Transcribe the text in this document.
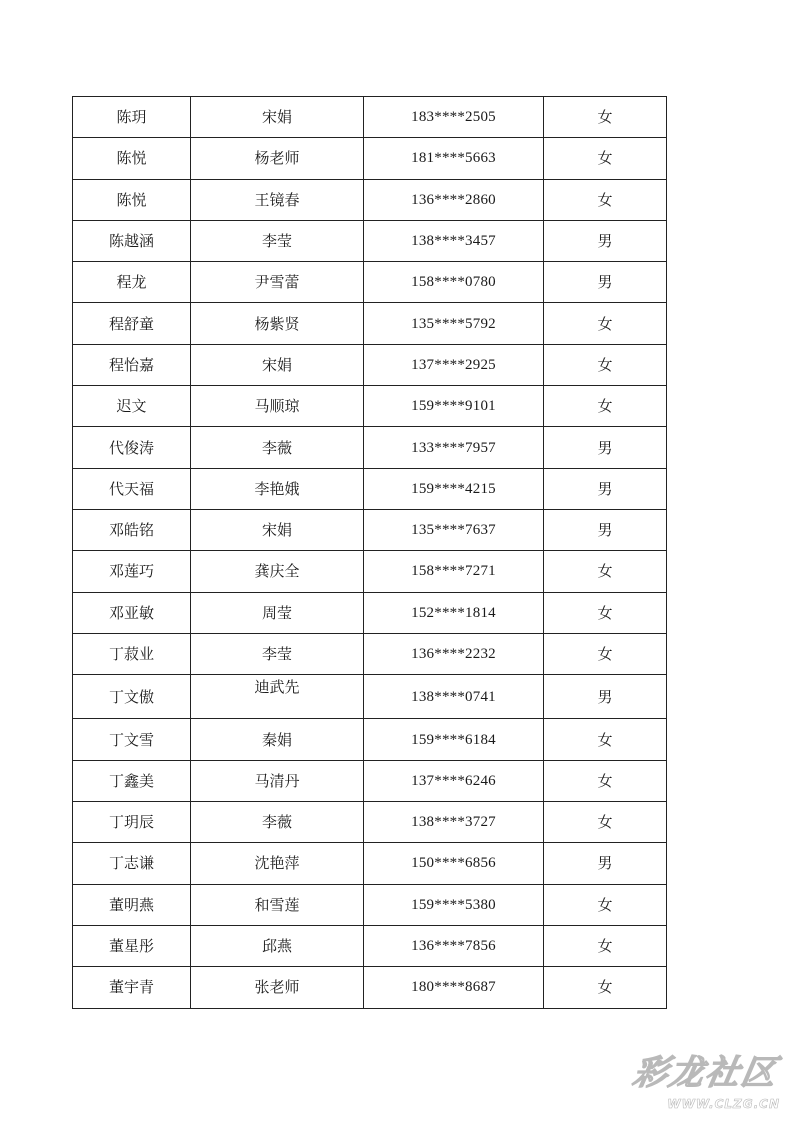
陈玥	宋娟	183****2505	女
陈悦	杨老师	181****5663	女
陈悦	王镜春	136****2860	女
陈越涵	李莹	138****3457	男
程龙	尹雪蕾	158****0780	男
程舒童	杨紫贤	135****5792	女
程怡嘉	宋娟	137****2925	女
迟文	马顺琼	159****9101	女
代俊涛	李薇	133****7957	男
代天福	李艳娥	159****4215	男
邓皓铭	宋娟	135****7637	男
邓莲巧	龚庆全	158****7271	女
邓亚敏	周莹	152****1814	女
丁菽业	李莹	136****2232	女
丁文傲	迪武先	138****0741	男
丁文雪	秦娟	159****6184	女
丁鑫美	马清丹	137****6246	女
丁玥辰	李薇	138****3727	女
丁志谦	沈艳萍	150****6856	男
董明燕	和雪莲	159****5380	女
董星彤	邱燕	136****7856	女
董宇青	张老师	180****8687	女
彩龙社区
WWW.CLZG.CN
